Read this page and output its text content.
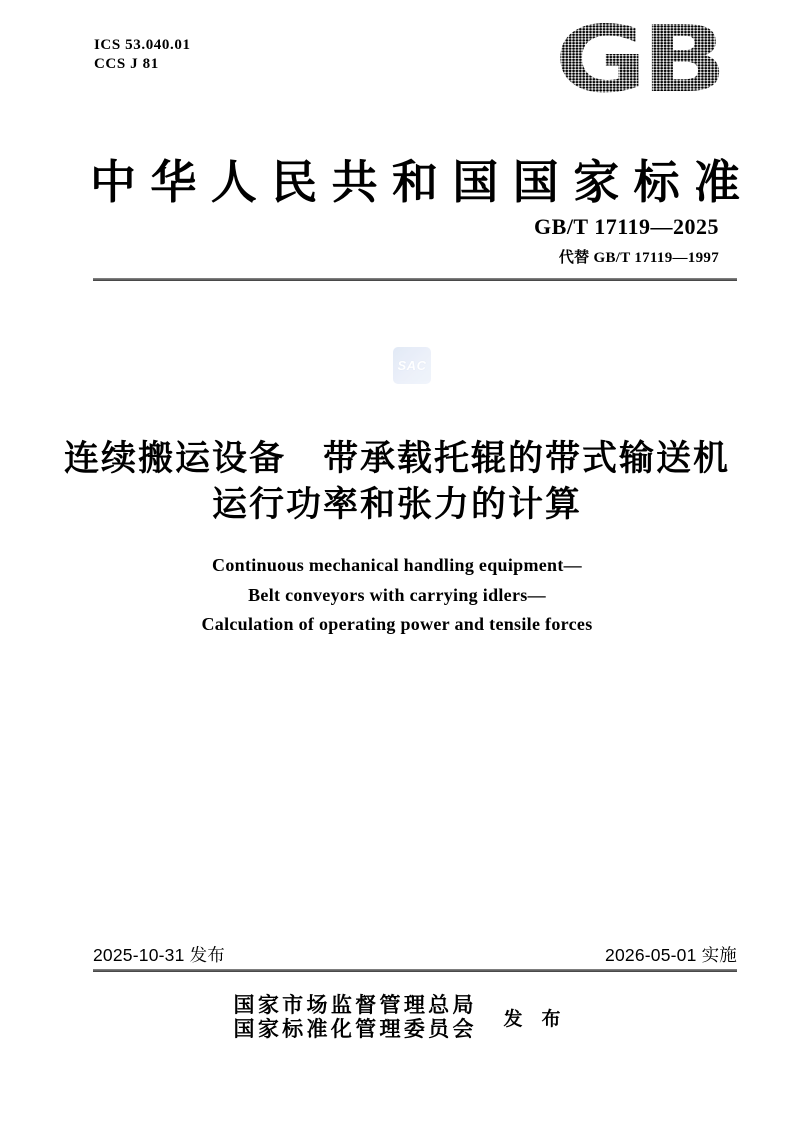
ICS 53.040.01
CCS J 81	GB
中华人民共和国国家标准
GB/T 17119—2025
代替 GB/T 17119—1997
SAC
连续搬运设备　带承载托辊的带式输送机
运行功率和张力的计算
Continuous mechanical handling equipment—
Belt conveyors with carrying idlers—
Calculation of operating power and tensile forces
2025-10-31 发布	2026-05-01 实施
国家市场监督管理总局
国家标准化管理委员会 发　布
